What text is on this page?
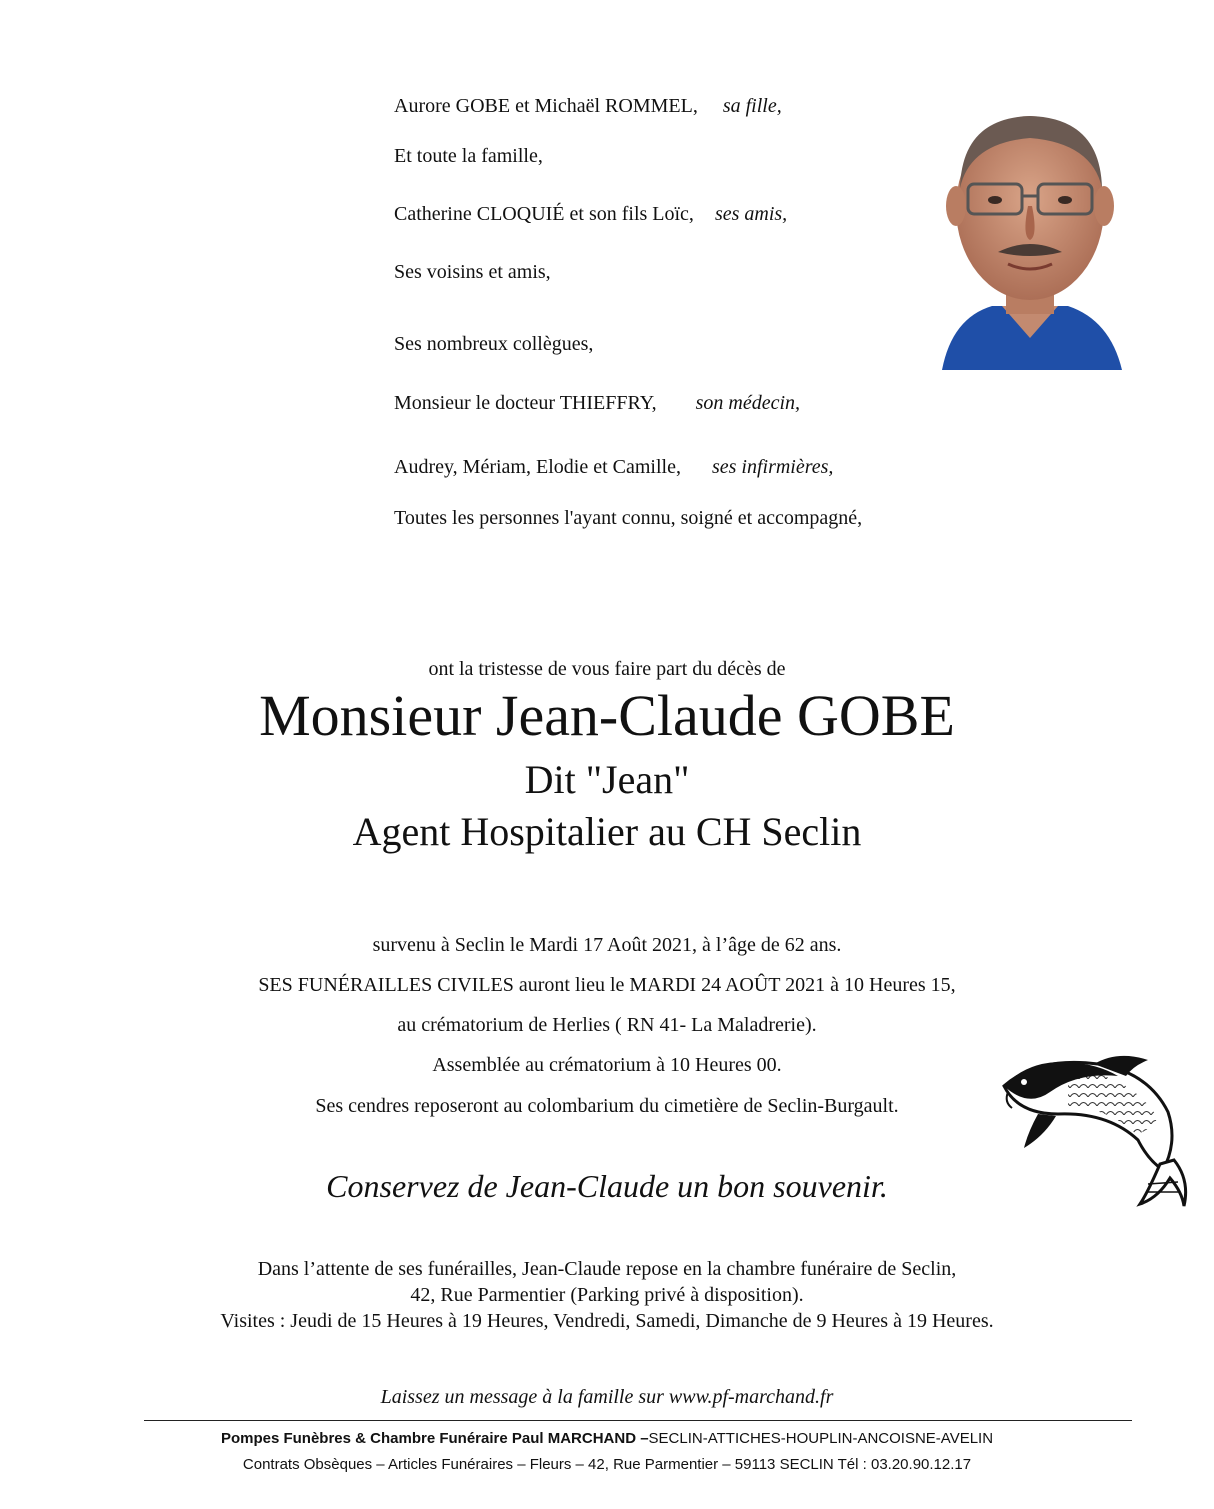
Aurore GOBE et Michaël ROMMEL, sa fille,
Et toute la famille,
Catherine CLOQUIÉ et son fils Loïc, ses amis,
Ses voisins et amis,
Ses nombreux collègues,
Monsieur le docteur THIEFFRY, son médecin,
Audrey, Mériam, Elodie et Camille, ses infirmières,
Toutes les personnes l'ayant connu, soigné et accompagné,
ont la tristesse de vous faire part du décès de
Monsieur Jean-Claude GOBE
Dit "Jean"
Agent Hospitalier au CH Seclin
survenu à Seclin le Mardi 17 Août 2021, à l’âge de 62 ans.
SES FUNÉRAILLES CIVILES auront lieu le MARDI 24 AOÛT 2021 à 10 Heures 15,
au crématorium de Herlies ( RN 41- La Maladrerie).
Assemblée au crématorium à 10 Heures 00.
Ses cendres reposeront au colombarium du cimetière de Seclin-Burgault.
Conservez de Jean-Claude un bon souvenir.
Dans l’attente de ses funérailles, Jean-Claude repose en la chambre funéraire de Seclin,
42, Rue Parmentier (Parking privé à disposition).
Visites : Jeudi de 15 Heures à 19 Heures, Vendredi, Samedi, Dimanche de 9 Heures à 19 Heures.
Laissez un message à la famille sur www.pf-marchand.fr
Pompes Funèbres & Chambre Funéraire Paul MARCHAND –SECLIN-ATTICHES-HOUPLIN-ANCOISNE-AVELIN
Contrats Obsèques – Articles Funéraires – Fleurs – 42, Rue Parmentier – 59113 SECLIN Tél : 03.20.90.12.17
